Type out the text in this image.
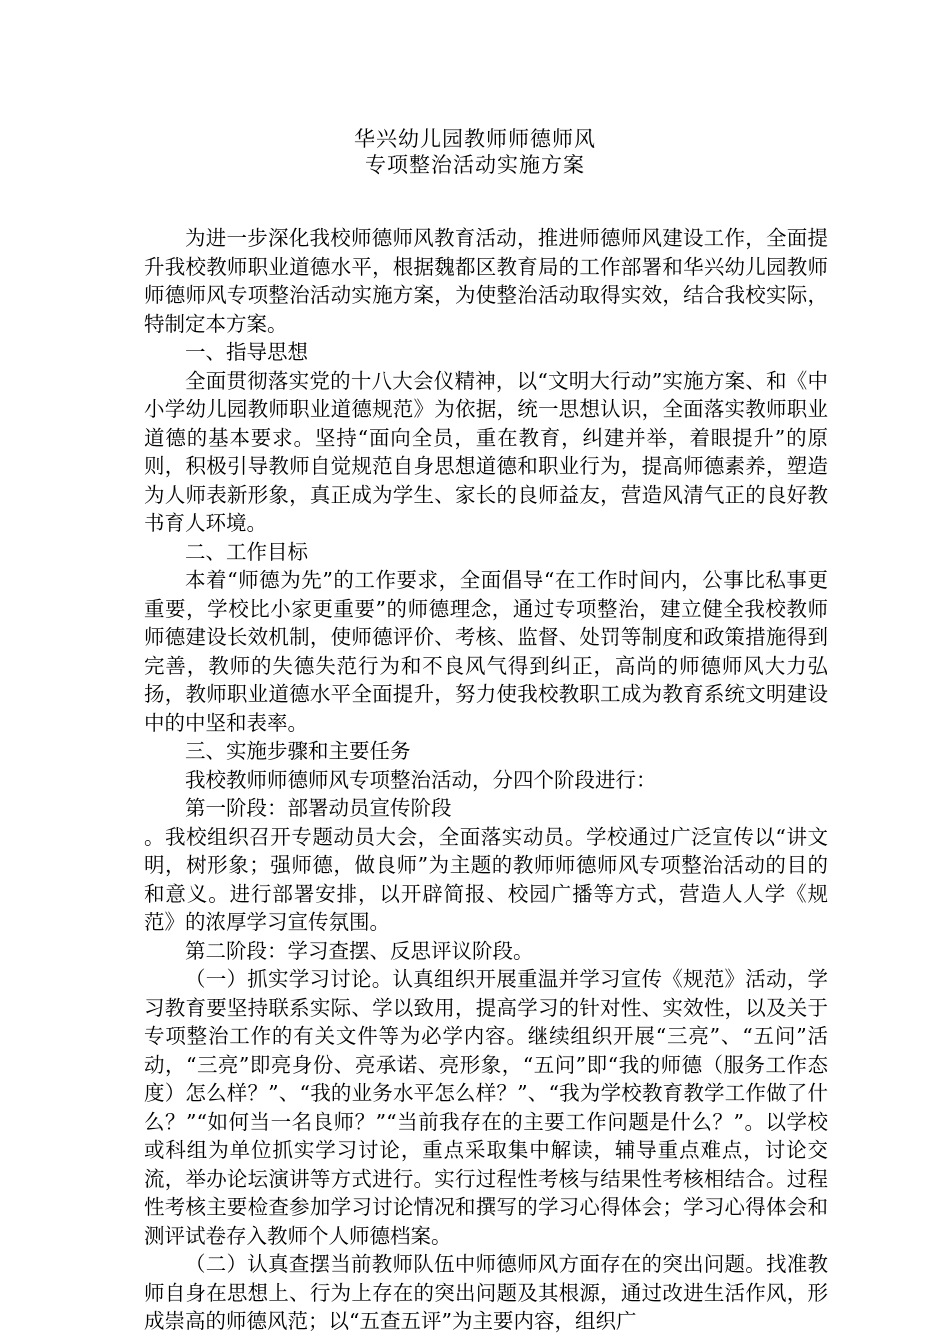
华兴幼儿园教师师德师风
专项整治活动实施方案

为进一步深化我校师德师风教育活动，推进师德师风建设工作，全面提升我校教师职业道德水平，根据魏都区教育局的工作部署和华兴幼儿园教师师德师风专项整治活动实施方案，为使整治活动取得实效，结合我校实际，特制定本方案。

一、指导思想

全面贯彻落实党的十八大会仪精神，以“文明大行动”实施方案、和《中小学幼儿园教师职业道德规范》为依据，统一思想认识，全面落实教师职业道德的基本要求。坚持“面向全员，重在教育，纠建并举，着眼提升”的原则，积极引导教师自觉规范自身思想道德和职业行为，提高师德素养，塑造为人师表新形象，真正成为学生、家长的良师益友，营造风清气正的良好教书育人环境。

二、工作目标

本着“师德为先”的工作要求，全面倡导“在工作时间内，公事比私事更重要，学校比小家更重要”的师德理念，通过专项整治，建立健全我校教师师德建设长效机制，使师德评价、考核、监督、处罚等制度和政策措施得到完善，教师的失德失范行为和不良风气得到纠正，高尚的师德师风大力弘扬，教师职业道德水平全面提升，努力使我校教职工成为教育系统文明建设中的中坚和表率。

三、实施步骤和主要任务

我校教师师德师风专项整治活动，分四个阶段进行：

第一阶段：部署动员宣传阶段

。我校组织召开专题动员大会，全面落实动员。学校通过广泛宣传以“讲文明，树形象；强师德，做良师”为主题的教师师德师风专项整治活动的目的和意义。进行部署安排，以开辟简报、校园广播等方式，营造人人学《规范》的浓厚学习宣传氛围。

第二阶段：学习查摆、反思评议阶段。

（一）抓实学习讨论。认真组织开展重温并学习宣传《规范》活动，学习教育要坚持联系实际、学以致用，提高学习的针对性、实效性，以及关于专项整治工作的有关文件等为必学内容。继续组织开展“三亮”、“五问”活动，“三亮”即亮身份、亮承诺、亮形象，“五问”即“我的师德（服务工作态度）怎么样？”、“我的业务水平怎么样？”、“我为学校教育教学工作做了什么？”“如何当一名良师？”“当前我存在的主要工作问题是什么？”。以学校或科组为单位抓实学习讨论，重点采取集中解读，辅导重点难点，讨论交流，举办论坛演讲等方式进行。实行过程性考核与结果性考核相结合。过程性考核主要检查参加学习讨论情况和撰写的学习心得体会；学习心得体会和测评试卷存入教师个人师德档案。

（二）认真查摆当前教师队伍中师德师风方面存在的突出问题。找准教师自身在思想上、行为上存在的突出问题及其根源，通过改进生活作风，形成崇高的师德风范；以“五查五评”为主要内容，组织广
